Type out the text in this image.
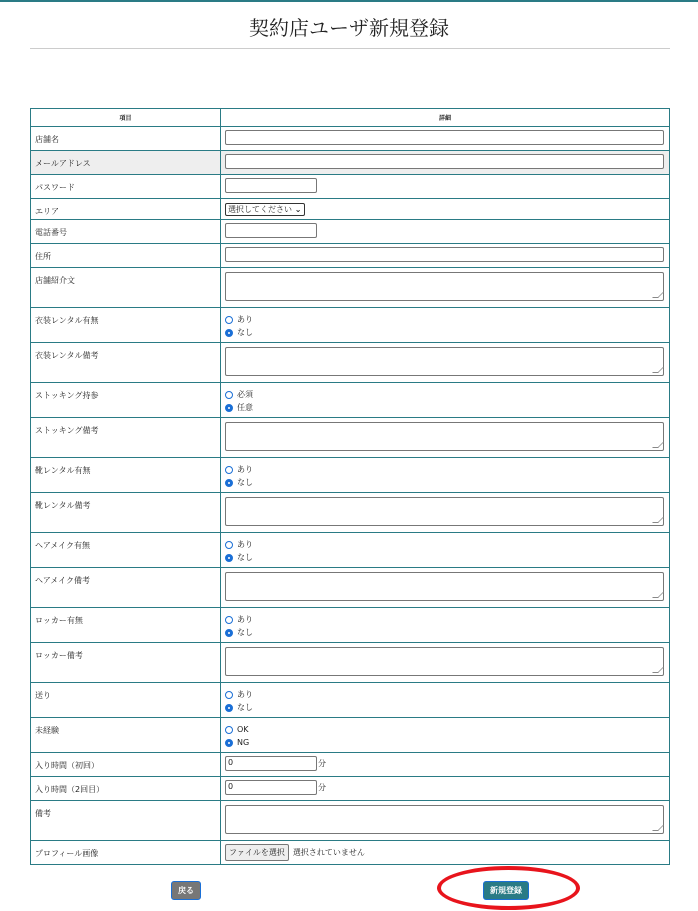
契約店ユーザ新規登録
項目	詳細
店舗名	

メールアドレス	

パスワード	

エリア	選択してください ⌄
電話番号	

住所	

店舗紹介文	

衣装レンタル有無	あり
なし

衣装レンタル備考	

ストッキング持参	必須
任意

ストッキング備考	

靴レンタル有無	あり
なし

靴レンタル備考	

ヘアメイク有無	あり
なし

ヘアメイク備考	

ロッカー有無	あり
なし

ロッカー備考	

送り	あり
なし

未経験	OK
NG

入り時間（初回）	0 分

入り時間（2回目）	0 分

備考	

プロフィール画像	ファイルを選択 選択されていません
戻る	新規登録
